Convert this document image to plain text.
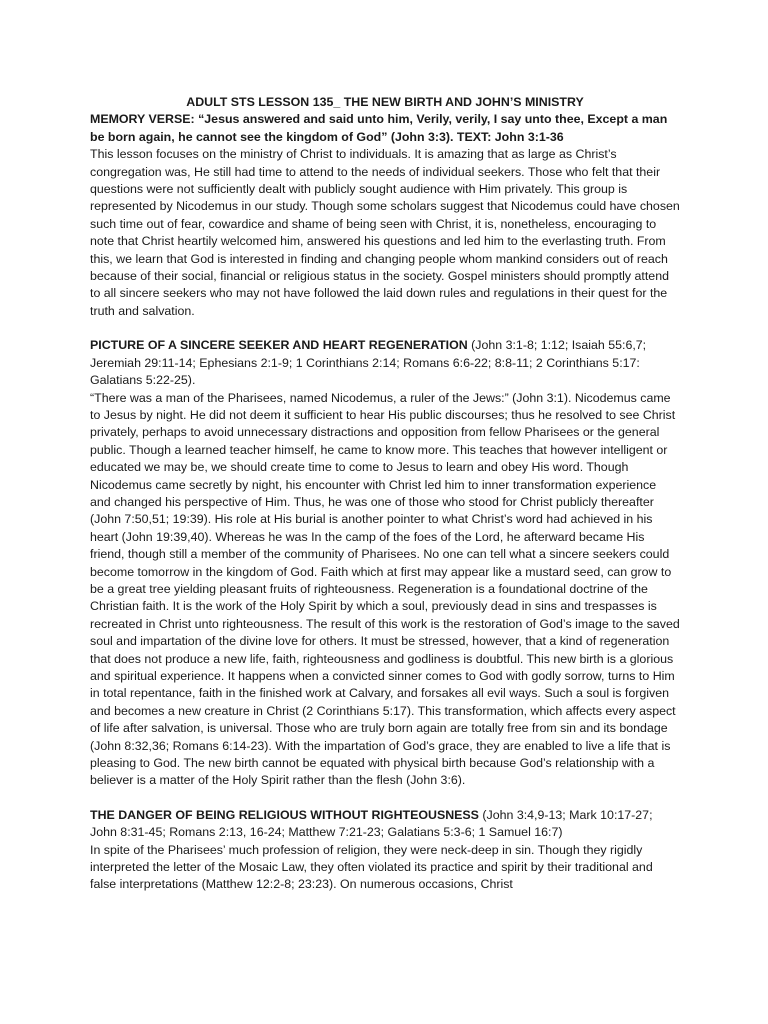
ADULT STS LESSON 135_ THE NEW BIRTH AND JOHN’S MINISTRY

MEMORY VERSE: “Jesus answered and said unto him, Verily, verily, I say unto thee, Except a man be born again, he cannot see the kingdom of God” (John 3:3). TEXT: John 3:1-36

This lesson focuses on the ministry of Christ to individuals. It is amazing that as large as Christ’s congregation was, He still had time to attend to the needs of individual seekers. Those who felt that their questions were not sufficiently dealt with publicly sought audience with Him privately. This group is represented by Nicodemus in our study. Though some scholars suggest that Nicodemus could have chosen such time out of fear, cowardice and shame of being seen with Christ, it is, nonetheless, encouraging to note that Christ heartily welcomed him, answered his questions and led him to the everlasting truth. From this, we learn that God is interested in finding and changing people whom mankind considers out of reach because of their social, financial or religious status in the society. Gospel ministers should promptly attend to all sincere seekers who may not have followed the laid down rules and regulations in their quest for the truth and salvation.

PICTURE OF A SINCERE SEEKER AND HEART REGENERATION (John 3:1-8; 1:12; Isaiah 55:6,7; Jeremiah 29:11-14; Ephesians 2:1-9; 1 Corinthians 2:14; Romans 6:6-22; 8:8-11; 2 Corinthians 5:17: Galatians 5:22-25).

“There was a man of the Pharisees, named Nicodemus, a ruler of the Jews:” (John 3:1). Nicodemus came to Jesus by night. He did not deem it sufficient to hear His public discourses; thus he resolved to see Christ privately, perhaps to avoid unnecessary distractions and opposition from fellow Pharisees or the general public. Though a learned teacher himself, he came to know more. This teaches that however intelligent or educated we may be, we should create time to come to Jesus to learn and obey His word. Though Nicodemus came secretly by night, his encounter with Christ led him to inner transformation experience and changed his perspective of Him. Thus, he was one of those who stood for Christ publicly thereafter (John 7:50,51; 19:39). His role at His burial is another pointer to what Christ’s word had achieved in his heart (John 19:39,40). Whereas he was In the camp of the foes of the Lord, he afterward became His friend, though still a member of the community of Pharisees. No one can tell what a sincere seekers could become tomorrow in the kingdom of God. Faith which at first may appear like a mustard seed, can grow to be a great tree yielding pleasant fruits of righteousness. Regeneration is a foundational doctrine of the Christian faith. It is the work of the Holy Spirit by which a soul, previously dead in sins and trespasses is recreated in Christ unto righteousness. The result of this work is the restoration of God’s image to the saved soul and impartation of the divine love for others. It must be stressed, however, that a kind of regeneration that does not produce a new life, faith, righteousness and godliness is doubtful. This new birth is a glorious and spiritual experience. It happens when a convicted sinner comes to God with godly sorrow, turns to Him in total repentance, faith in the finished work at Calvary, and forsakes all evil ways. Such a soul is forgiven and becomes a new creature in Christ (2 Corinthians 5:17). This transformation, which affects every aspect of life after salvation, is universal. Those who are truly born again are totally free from sin and its bondage (John 8:32,36; Romans 6:14-23). With the impartation of God’s grace, they are enabled to live a life that is pleasing to God. The new birth cannot be equated with physical birth because God’s relationship with a believer is a matter of the Holy Spirit rather than the flesh (John 3:6).

THE DANGER OF BEING RELIGIOUS WITHOUT RIGHTEOUSNESS (John 3:4,9-13; Mark 10:17-27; John 8:31-45; Romans 2:13, 16-24; Matthew 7:21-23; Galatians 5:3-6; 1 Samuel 16:7)

In spite of the Pharisees’ much profession of religion, they were neck-deep in sin. Though they rigidly interpreted the letter of the Mosaic Law, they often violated its practice and spirit by their traditional and false interpretations (Matthew 12:2-8; 23:23). On numerous occasions, Christ
